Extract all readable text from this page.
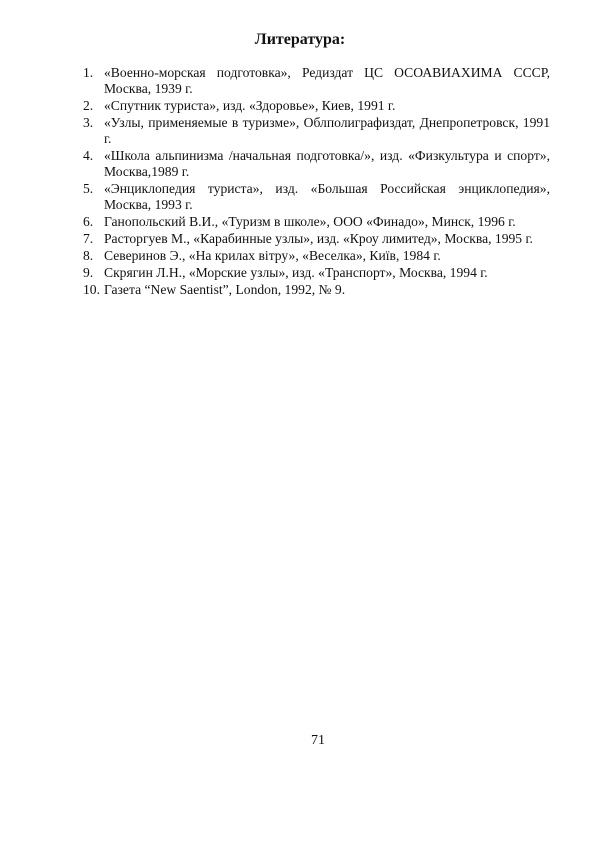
Литература:
1. «Военно-морская подготовка», Редиздат ЦС ОСОАВИАХИМА СССР, Москва, 1939 г.
2. «Спутник туриста», изд. «Здоровье», Киев, 1991 г.
3. «Узлы, применяемые в туризме», Облполиграфиздат, Днепропетровск, 1991 г.
4. «Школа альпинизма /начальная подготовка/», изд. «Физкультура и спорт», Москва,1989 г.
5. «Энциклопедия туриста», изд. «Большая Российская энциклопедия», Москва, 1993 г.
6. Ганопольский В.И., «Туризм в школе», ООО «Финадо», Минск, 1996 г.
7. Расторгуев М., «Карабинные узлы», изд. «Кроу лимитед», Москва, 1995 г.
8. Северинов Э., «На крилах вітру», «Веселка», Київ, 1984 г.
9. Скрягин Л.Н., «Морские узлы», изд. «Транспорт», Москва, 1994 г.
10. Газета “New Saentist”, London, 1992, № 9.
71
